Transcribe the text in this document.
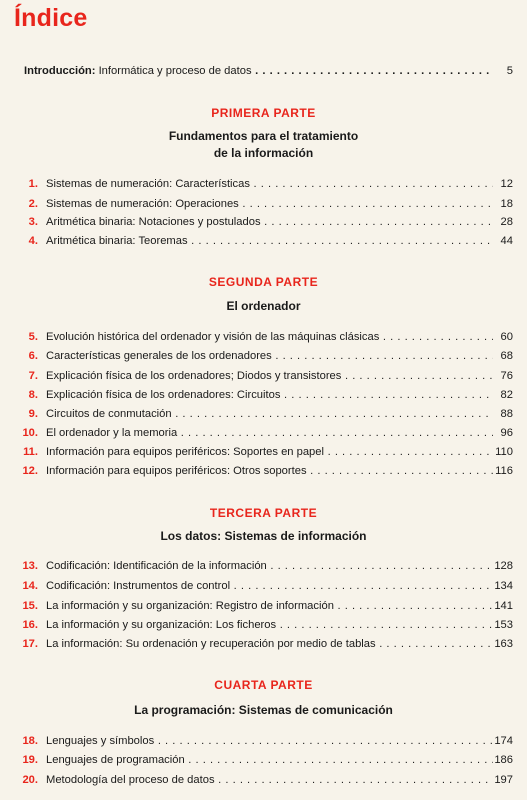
Índice
Introducción: Informática y proceso de datos . . .	5
PRIMERA PARTE
Fundamentos para el tratamiento
de la información
1. Sistemas de numeración: Características . . .	12
2. Sistemas de numeración: Operaciones . . .	18
3. Aritmética binaria: Notaciones y postulados . . .	28
4. Aritmética binaria: Teoremas . . .	44
SEGUNDA PARTE
El ordenador
5. Evolución histórica del ordenador y visión de las máquinas clásicas . . .	60
6. Características generales de los ordenadores . . .	68
7. Explicación física de los ordenadores; Diodos y transistores . . .	76
8. Explicación física de los ordenadores: Circuitos . . .	82
9. Circuitos de conmutación . . .	88
10. El ordenador y la memoria . . .	96
11. Información para equipos periféricos: Soportes en papel . . .	110
12. Información para equipos periféricos: Otros soportes . . .	116
TERCERA PARTE
Los datos: Sistemas de información
13. Codificación: Identificación de la información . . .	128
14. Codificación: Instrumentos de control . . .	134
15. La información y su organización: Registro de información . . .	141
16. La información y su organización: Los ficheros . . .	153
17. La información: Su ordenación y recuperación por medio de tablas . . .	163
CUARTA PARTE
La programación: Sistemas de comunicación
18. Lenguajes y símbolos . . .	174
19. Lenguajes de programación . . .	186
20. Metodología del proceso de datos . . .	197
